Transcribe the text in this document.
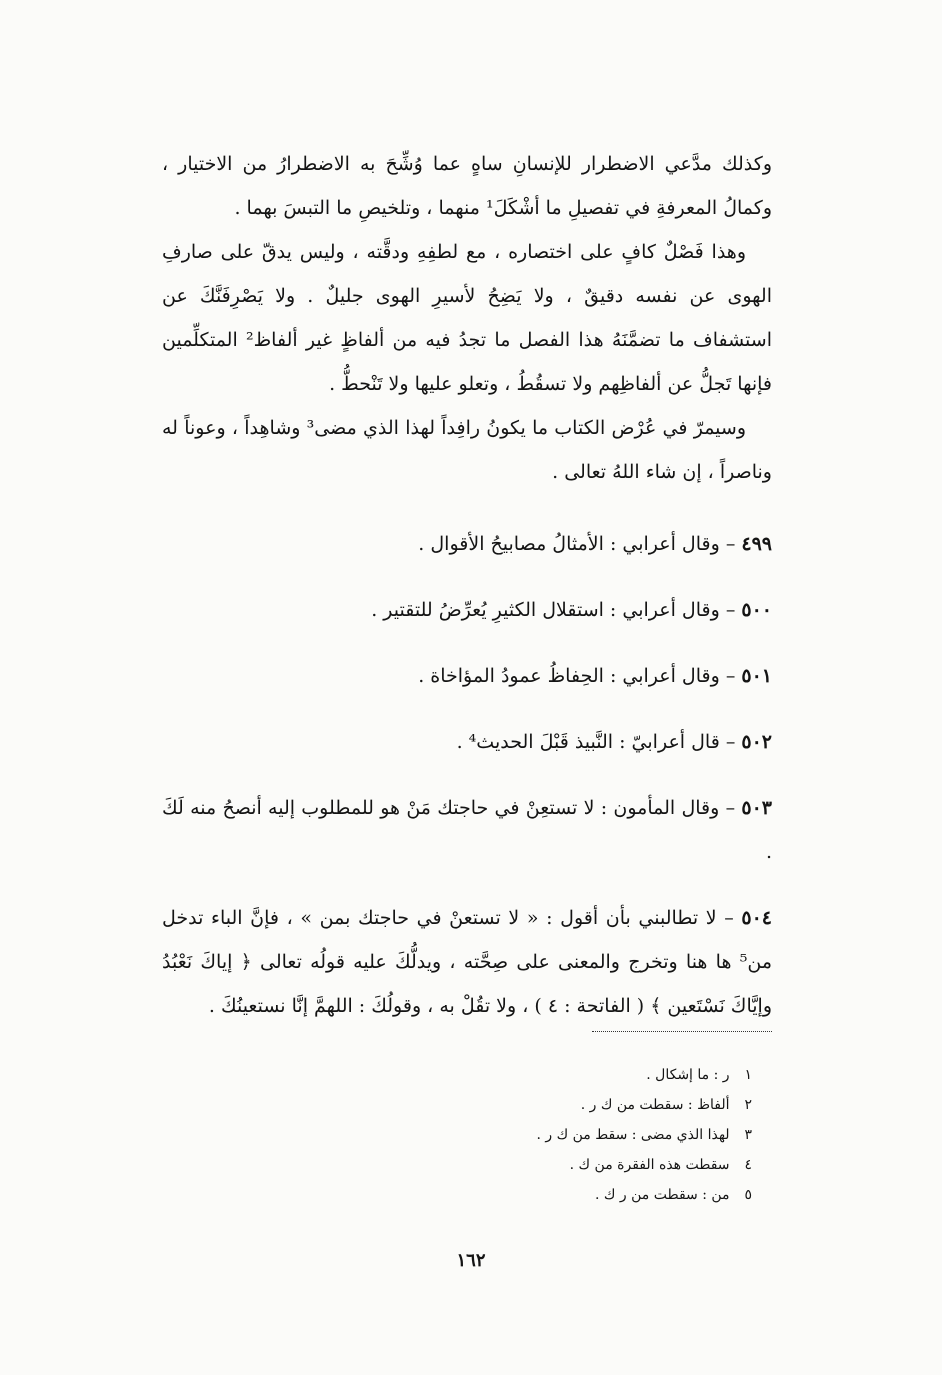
وكذلك مدَّعي الاضطرار للإنسانِ ساهٍ عما وُشِّحَ به الاضطرارُ من الاختيار ، وكمالُ المعرفةِ في تفصيلِ ما أشْكَلَ¹ منهما ، وتلخيصِ ما التبسَ بهما .

وهذا فَصْلٌ كافٍ على اختصاره ، مع لطفِهِ ودقَّته ، وليس يدقّ على صارفِ الهوى عن نفسه دقيقٌ ، ولا يَضِحُ لأسيرِ الهوى جليلٌ . ولا يَصْرِفَنَّكَ عن استشفاف ما تضمَّنَهُ هذا الفصل ما تجدُ فيه من ألفاظٍ غير ألفاظ² المتكلِّمين فإنها تَجلُّ عن ألفاظِهم ولا تسقُطُ ، وتعلو عليها ولا تَنْحطُّ .

وسيمرّ في عُرْض الكتاب ما يكونُ رافِداً لهذا الذي مضى³ وشاهِداً ، وعوناً له وناصراً ، إن شاء اللهُ تعالى .

٤٩٩ – وقال أعرابي : الأمثالُ مصابيحُ الأقوال .

٥٠٠ – وقال أعرابي : استقلال الكثيرِ يُعرِّضُ للتقتير .

٥٠١ – وقال أعرابي : الحِفاظُ عمودُ المؤاخاة .

٥٠٢ – قال أعرابيّ : النَّبيذ قَبْلَ الحديث⁴ .

٥٠٣ – وقال المأمون : لا تستعِنْ في حاجتك مَنْ هو للمطلوب إليه أنصحُ منه لَكَ .

٥٠٤ – لا تطالبني بأن أقول : « لا تستعنْ في حاجتك بمن » ، فإنَّ الباء تدخل من⁵ ها هنا وتخرج والمعنى على صِحَّته ، ويدلُّكَ عليه قولُه تعالى ﴿ إياكَ نَعْبُدُ وإيَّاكَ نَسْتَعين ﴾ ( الفاتحة : ٤ ) ، ولا تقُلْ به ، وقولُكَ : اللهمَّ إنَّا نستعينُكَ .

١ ر : ما إشكال .

٢ ألفاظ : سقطت من ك ر .

٣ لهذا الذي مضى : سقط من ك ر .

٤ سقطت هذه الفقرة من ك .

٥ من : سقطت من ر ك .

١٦٢
